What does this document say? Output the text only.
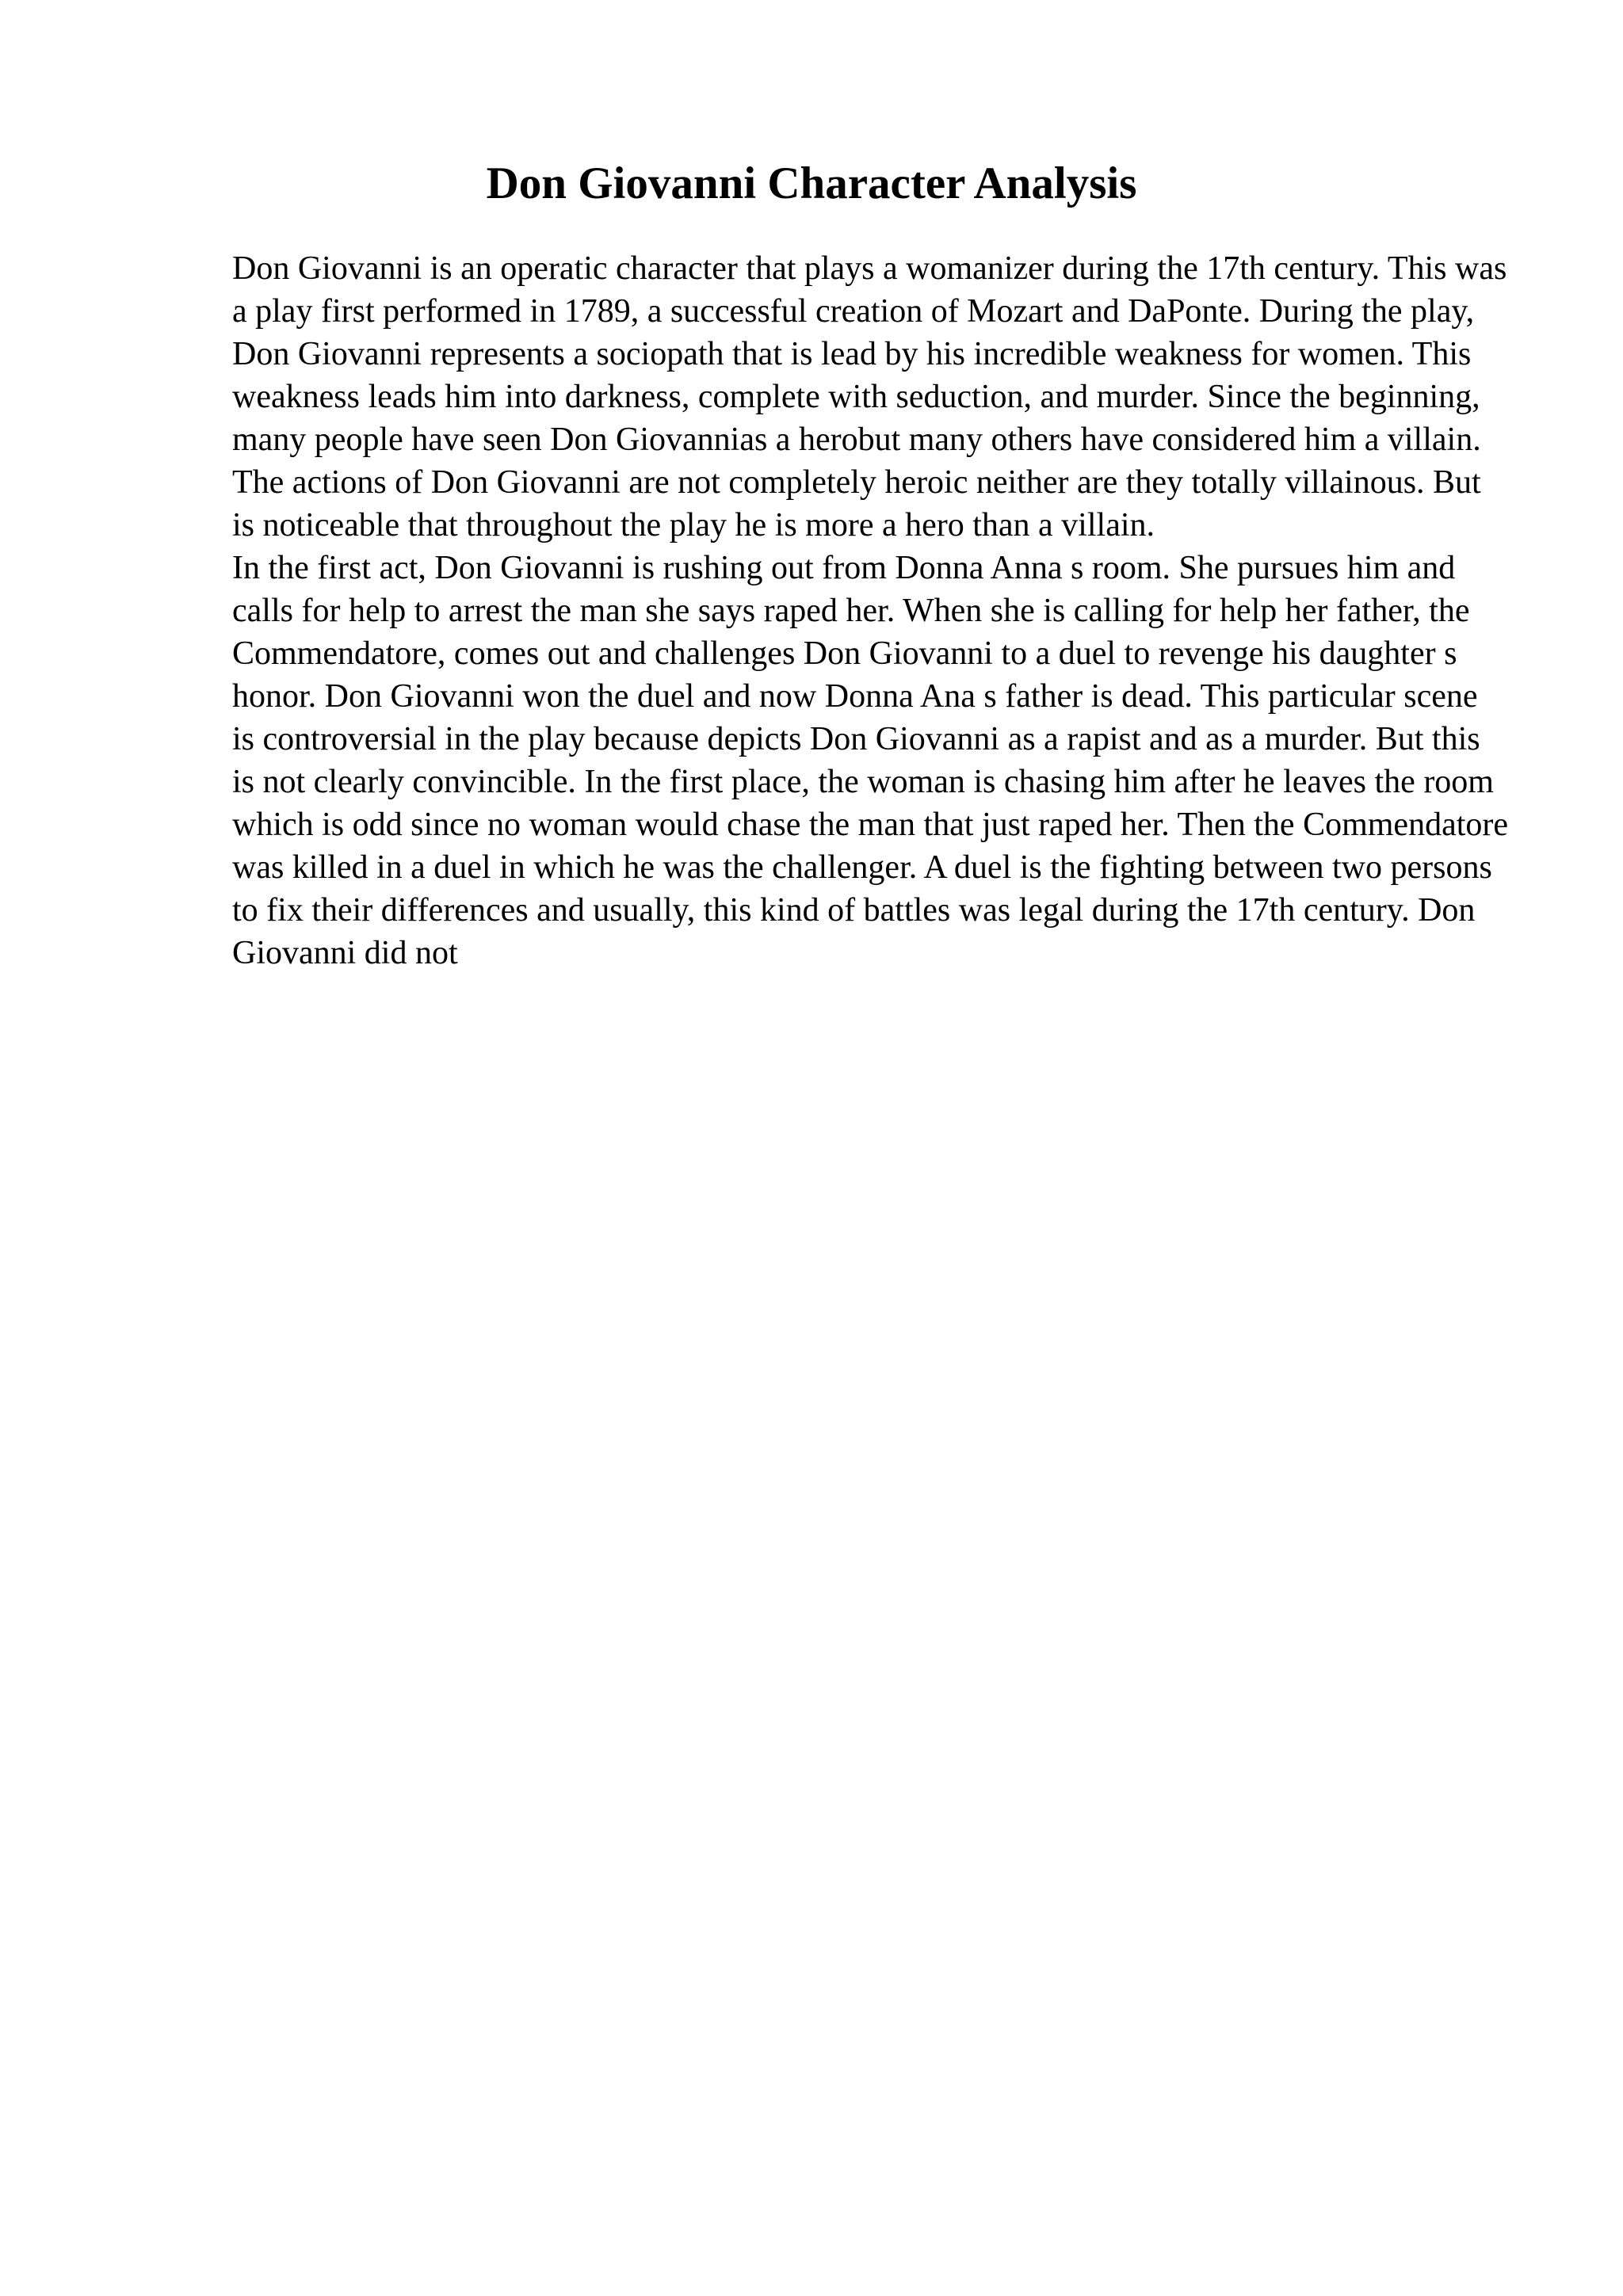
Don Giovanni Character Analysis

Don Giovanni is an operatic character that plays a womanizer during the 17th century. This was a play first performed in 1789, a successful creation of Mozart and DaPonte. During the play, Don Giovanni represents a sociopath that is lead by his incredible weakness for women. This weakness leads him into darkness, complete with seduction, and murder. Since the beginning, many people have seen Don Giovannias a herobut many others have considered him a villain. The actions of Don Giovanni are not completely heroic neither are they totally villainous. But is noticeable that throughout the play he is more a hero than a villain.

In the first act, Don Giovanni is rushing out from Donna Anna s room. She pursues him and calls for help to arrest the man she says raped her. When she is calling for help her father, the Commendatore, comes out and challenges Don Giovanni to a duel to revenge his daughter s honor. Don Giovanni won the duel and now Donna Ana s father is dead. This particular scene is controversial in the play because depicts Don Giovanni as a rapist and as a murder. But this is not clearly convincible. In the first place, the woman is chasing him after he leaves the room which is odd since no woman would chase the man that just raped her. Then the Commendatore was killed in a duel in which he was the challenger. A duel is the fighting between two persons to fix their differences and usually, this kind of battles was legal during the 17th century. Don Giovanni did not
